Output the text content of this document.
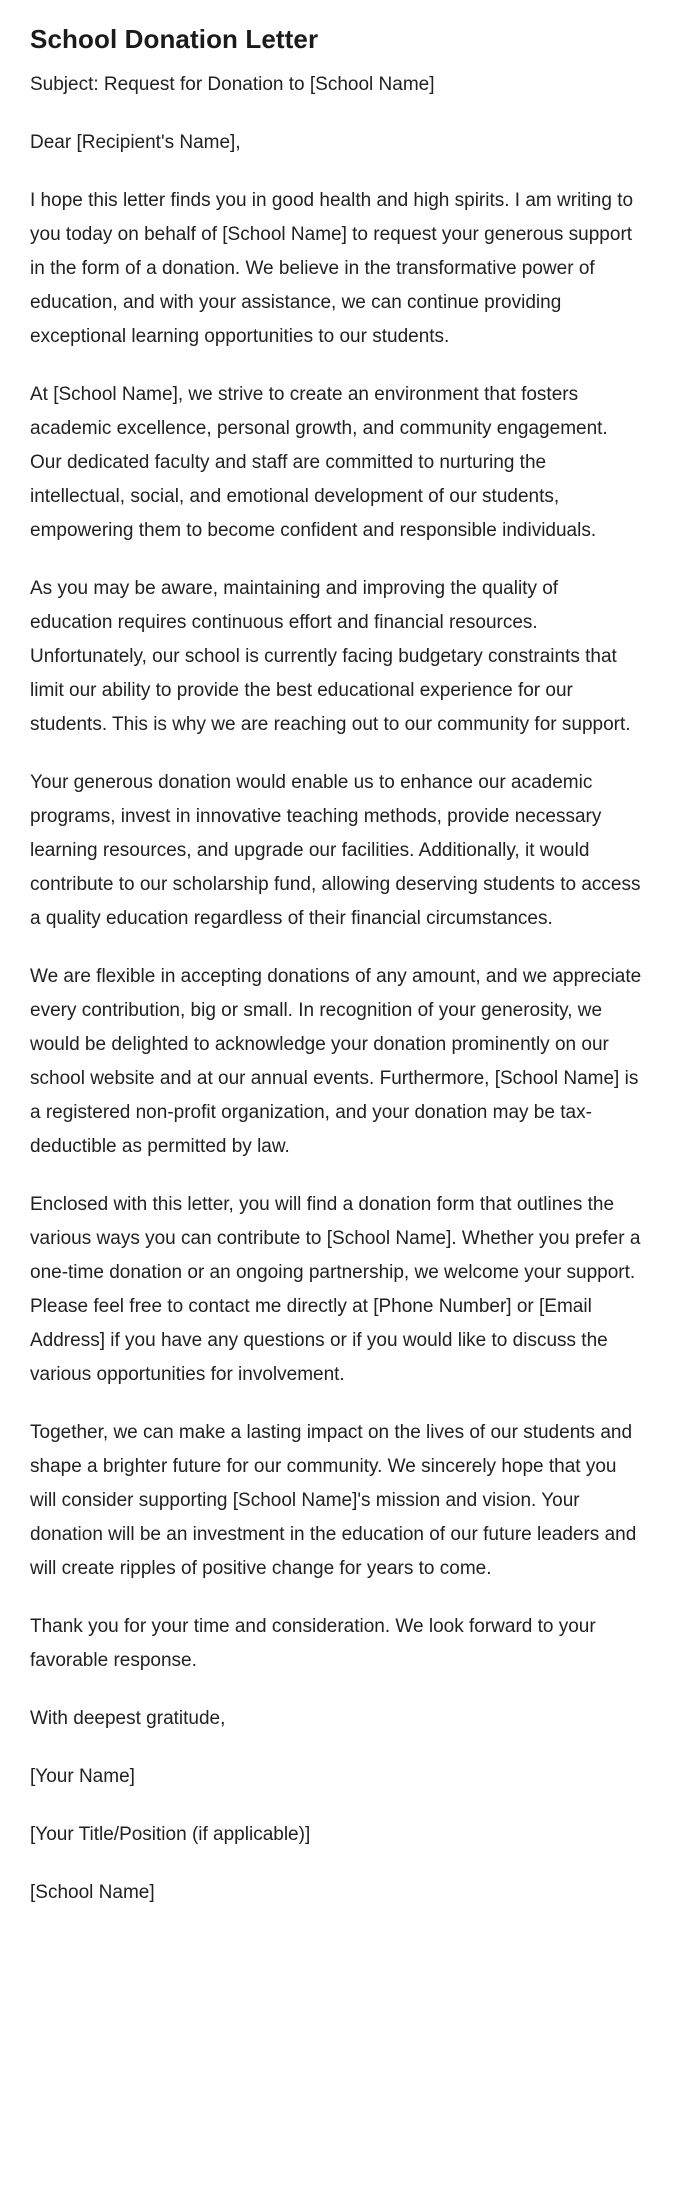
School Donation Letter

Subject: Request for Donation to [School Name]

Dear [Recipient's Name],

I hope this letter finds you in good health and high spirits. I am writing to you today on behalf of [School Name] to request your generous support in the form of a donation. We believe in the transformative power of education, and with your assistance, we can continue providing exceptional learning opportunities to our students.

At [School Name], we strive to create an environment that fosters academic excellence, personal growth, and community engagement. Our dedicated faculty and staff are committed to nurturing the intellectual, social, and emotional development of our students, empowering them to become confident and responsible individuals.

As you may be aware, maintaining and improving the quality of education requires continuous effort and financial resources. Unfortunately, our school is currently facing budgetary constraints that limit our ability to provide the best educational experience for our students. This is why we are reaching out to our community for support.

Your generous donation would enable us to enhance our academic programs, invest in innovative teaching methods, provide necessary learning resources, and upgrade our facilities. Additionally, it would contribute to our scholarship fund, allowing deserving students to access a quality education regardless of their financial circumstances.

We are flexible in accepting donations of any amount, and we appreciate every contribution, big or small. In recognition of your generosity, we would be delighted to acknowledge your donation prominently on our school website and at our annual events. Furthermore, [School Name] is a registered non-profit organization, and your donation may be tax-deductible as permitted by law.

Enclosed with this letter, you will find a donation form that outlines the various ways you can contribute to [School Name]. Whether you prefer a one-time donation or an ongoing partnership, we welcome your support. Please feel free to contact me directly at [Phone Number] or [Email Address] if you have any questions or if you would like to discuss the various opportunities for involvement.

Together, we can make a lasting impact on the lives of our students and shape a brighter future for our community. We sincerely hope that you will consider supporting [School Name]'s mission and vision. Your donation will be an investment in the education of our future leaders and will create ripples of positive change for years to come.

Thank you for your time and consideration. We look forward to your favorable response.

With deepest gratitude,

[Your Name]

[Your Title/Position (if applicable)]

[School Name]
